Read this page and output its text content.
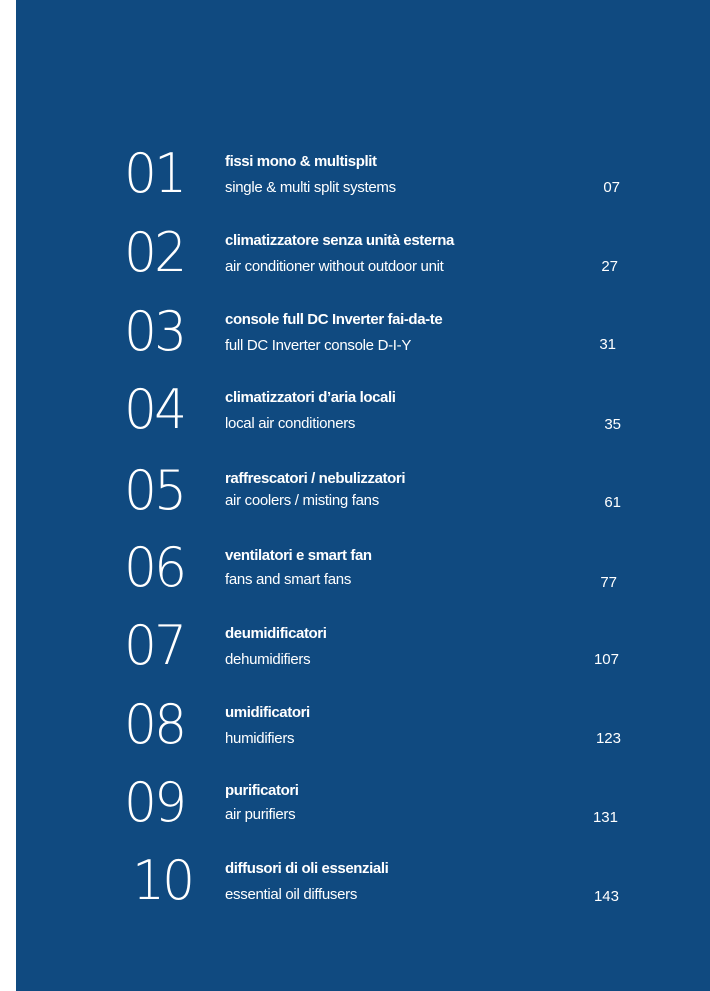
01	fissi mono & multisplit
single & multi split systems	07
02	climatizzatore senza unità esterna
air conditioner without outdoor unit	27
03	console full DC Inverter fai-da-te
full DC Inverter console D-I-Y	31
04	climatizzatori d’aria locali
local air conditioners	35
05	raffrescatori / nebulizzatori
air coolers / misting fans	61
06	ventilatori e smart fan
fans and smart fans	77
07	deumidificatori
dehumidifiers	107
08	umidificatori
humidifiers	123
09	purificatori
air purifiers	131
10 diffusori di oli essenziali
essential oil diffusers	143
